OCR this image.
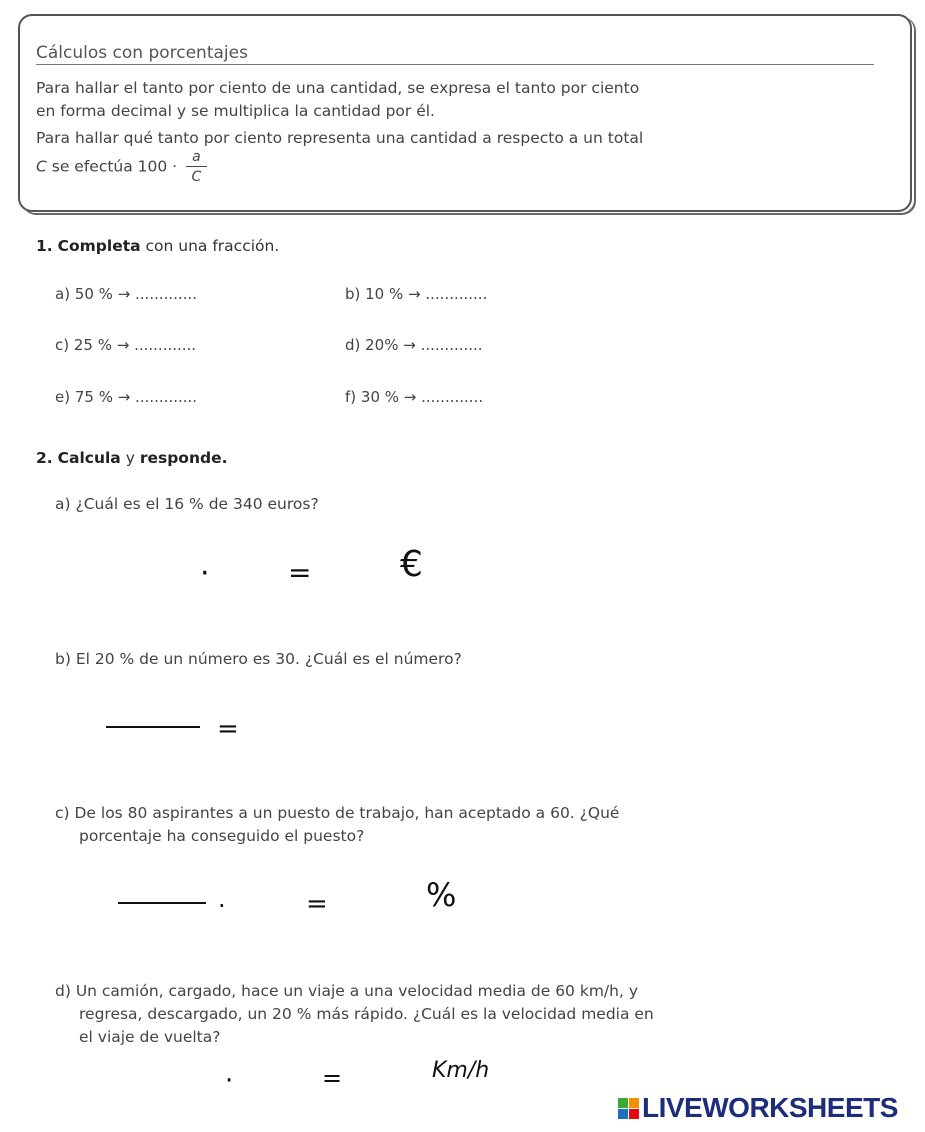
Cálculos con porcentajes
Para hallar el tanto por ciento de una cantidad, se expresa el tanto por ciento
en forma decimal y se multiplica la cantidad por él.
Para hallar qué tanto por ciento representa una cantidad a respecto a un total
C se efectúa $100 \cdot \frac{a}{C}$
1. Completa con una fracción.
a) 50 % → .............	b) 10 % → .............
c) 25 % → .............	d) 20% → .............
e) 75 % → .............	f) 30 % → .............
2. Calcula y responde.
a) ¿Cuál es el 16 % de 340 euros?
·	= €
b) El 20 % de un número es 30. ¿Cuál es el número?
=
c) De los 80 aspirantes a un puesto de trabajo, han aceptado a 60. ¿Qué
porcentaje ha conseguido el puesto?
·	=	%
d) Un camión, cargado, hace un viaje a una velocidad media de 60 km/h, y
regresa, descargado, un 20 % más rápido. ¿Cuál es la velocidad media en
el viaje de vuelta?
·	=	Km/h
LIVEWORKSHEETS
